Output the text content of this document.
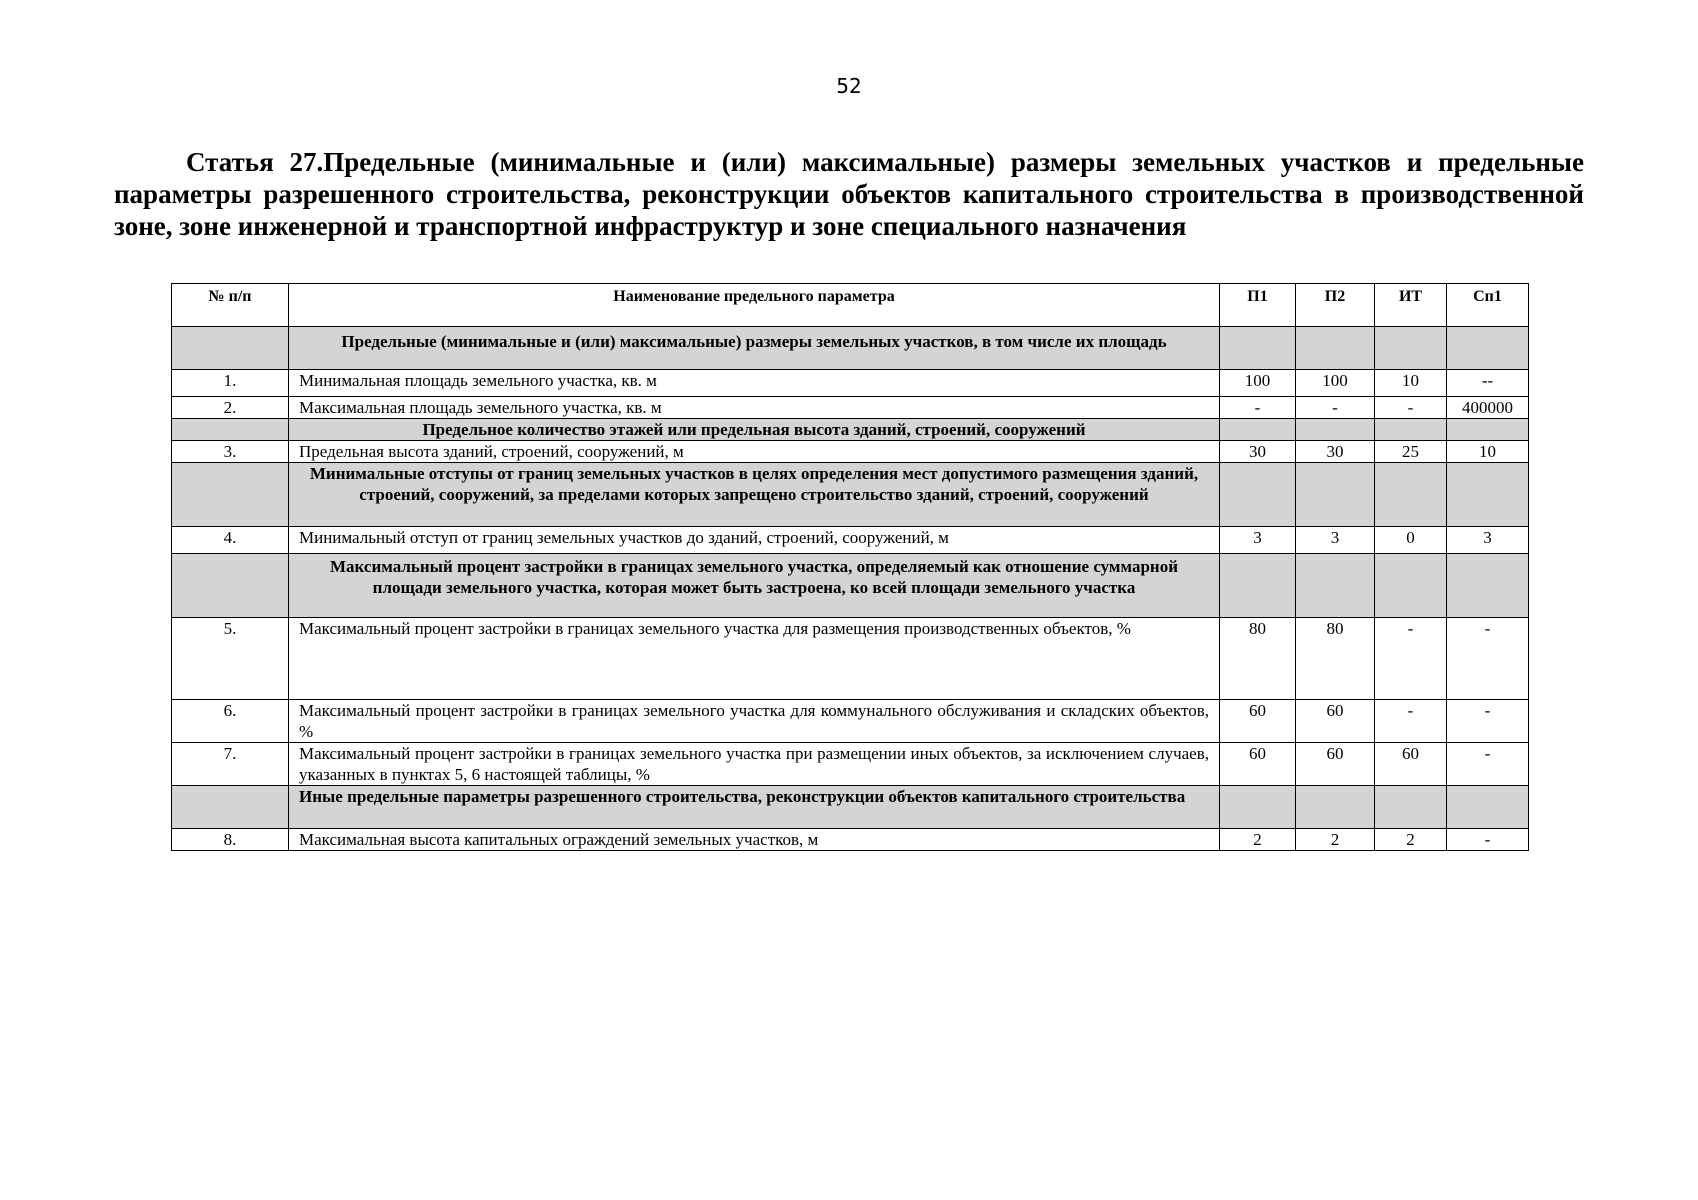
52
Статья 27.Предельные (минимальные и (или) максимальные) размеры земельных участков и предельные параметры разрешенного строительства, реконструкции объектов капитального строительства в производственной зоне, зоне инженерной и транспортной инфраструктур и зоне специального назначения
№ п/п	Наименование предельного параметра	П1	П2	ИТ	Сп1
	Предельные (минимальные и (или) максимальные) размеры земельных участков, в том числе их площадь				
1.	Минимальная площадь земельного участка, кв. м	100	100	10	--
2.	Максимальная площадь земельного участка, кв. м	-	-	-	400000
	Предельное количество этажей или предельная высота зданий, строений, сооружений				
3.	Предельная высота зданий, строений, сооружений, м	30	30	25	10
	Минимальные отступы от границ земельных участков в целях определения мест допустимого размещения зданий, строений, сооружений, за пределами которых запрещено строительство зданий, строений, сооружений				
4.	Минимальный отступ от границ земельных участков до зданий, строений, сооружений, м	3	3	0	3
	Максимальный процент застройки в границах земельного участка, определяемый как отношение суммарной площади земельного участка, которая может быть застроена, ко всей площади земельного участка				
5.	Максимальный процент застройки в границах земельного участка для размещения производственных объектов, %	80	80	-	-
6.	Максимальный процент застройки в границах земельного участка для коммунального обслуживания и складских объектов, %	60	60	-	-
7.	Максимальный процент застройки в границах земельного участка при размещении иных объектов, за исключением случаев, указанных в пунктах 5, 6 настоящей таблицы, %	60	60	60	-
	Иные предельные параметры разрешенного строительства, реконструкции объектов капитального строительства				
8.	Максимальная высота капитальных ограждений земельных участков, м	2	2	2	-
